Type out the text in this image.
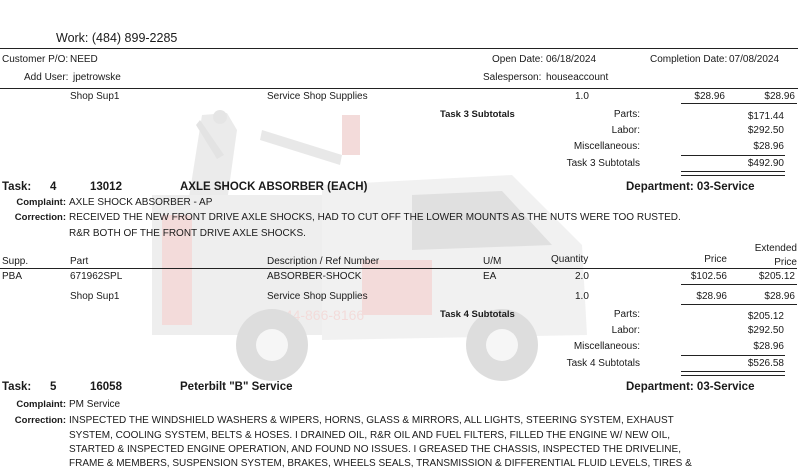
844-866-8166
Work: (484) 899-2285
Customer P/O: NEED	Open Date: 06/18/2024	Completion Date: 07/08/2024
Add User: jpetrowske	Salesperson: houseaccount
Shop Sup1	Service Shop Supplies	1.0	$28.96	$28.96
Task 3 Subtotals	Parts:	$171.44
Labor:	$292.50
Miscellaneous:	$28.96
Task 3 Subtotals	$492.90
Task: 4	13012	AXLE SHOCK ABSORBER (EACH)	Department: 03-Service
Complaint: AXLE SHOCK ABSORBER - AP
Correction: RECEIVED THE NEW FRONT DRIVE AXLE SHOCKS, HAD TO CUT OFF THE LOWER MOUNTS AS THE NUTS WERE TOO RUSTED.
R&R BOTH OF THE FRONT DRIVE AXLE SHOCKS.
Supp.	Part	Description / Ref Number	U/M	Quantity	Price
Extended
Price
PBA	671962SPL	ABSORBER-SHOCK	EA	2.0	$102.56	$205.12
Shop Sup1	Service Shop Supplies	1.0	$28.96	$28.96
Task 4 Subtotals	Parts:	$205.12
Labor:	$292.50
Miscellaneous:	$28.96
Task 4 Subtotals	$526.58
Task: 5	16058	Peterbilt "B" Service	Department: 03-Service
Complaint: PM Service
Correction: INSPECTED THE WINDSHIELD WASHERS & WIPERS, HORNS, GLASS & MIRRORS, ALL LIGHTS, STEERING SYSTEM, EXHAUST
SYSTEM, COOLING SYSTEM, BELTS & HOSES. I DRAINED OIL, R&R OIL AND FUEL FILTERS, FILLED THE ENGINE W/ NEW OIL,
STARTED & INSPECTED ENGINE OPERATION, AND FOUND NO ISSUES. I GREASED THE CHASSIS, INSPECTED THE DRIVELINE,
FRAME & MEMBERS, SUSPENSION SYSTEM, BRAKES, WHEELS SEALS, TRANSMISSION & DIFFERENTIAL FLUID LEVELS, TIRES &
